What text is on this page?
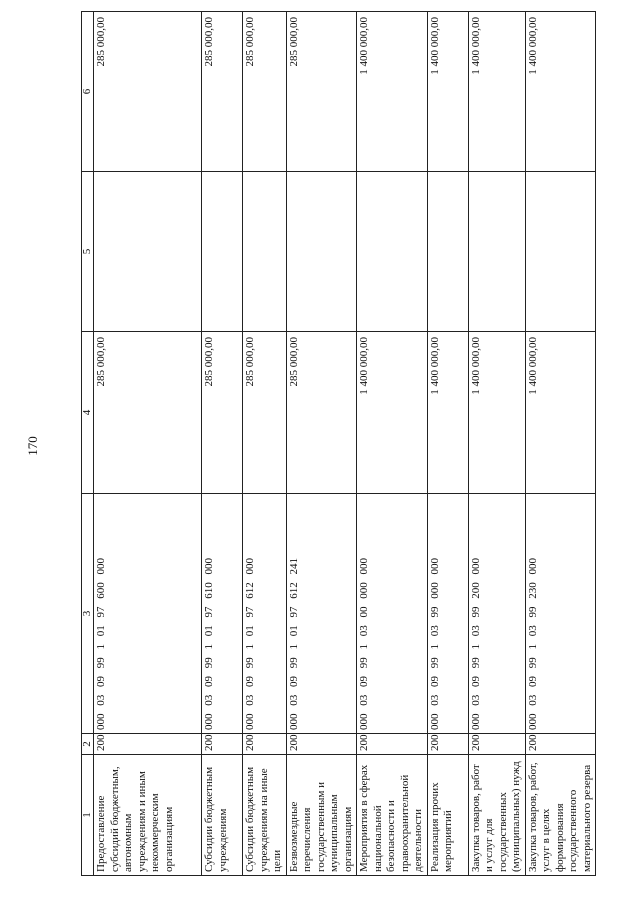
170
1	2	3	4	5	6
Предоставление субсидий бюджетным, автономным учреждениям и иным некоммерческим организациям	200	000 03 09 99 1 01 97 600 000	285 000,00		285 000,00
Субсидии бюджетным учреждениям	200	000 03 09 99 1 01 97 610 000	285 000,00		285 000,00
Субсидии бюджетным учреждениям на иные цели	200	000 03 09 99 1 01 97 612 000	285 000,00		285 000,00
Безвозмездные перечисления государственным и муниципальным организациям	200	000 03 09 99 1 01 97 612 241	285 000,00		285 000,00
Мероприятия в сферах национальной безопасности и правоохранительной деятельности	200	000 03 09 99 1 03 00 000 000	1 400 000,00		1 400 000,00
Реализация прочих мероприятий	200	000 03 09 99 1 03 99 000 000	1 400 000,00		1 400 000,00
Закупка товаров, работ и услуг для государственных (муниципальных) нужд	200	000 03 09 99 1 03 99 200 000	1 400 000,00		1 400 000,00
Закупка товаров, работ, услуг в целях формирования государственного материального резерва	200	000 03 09 99 1 03 99 230 000	1 400 000,00		1 400 000,00
